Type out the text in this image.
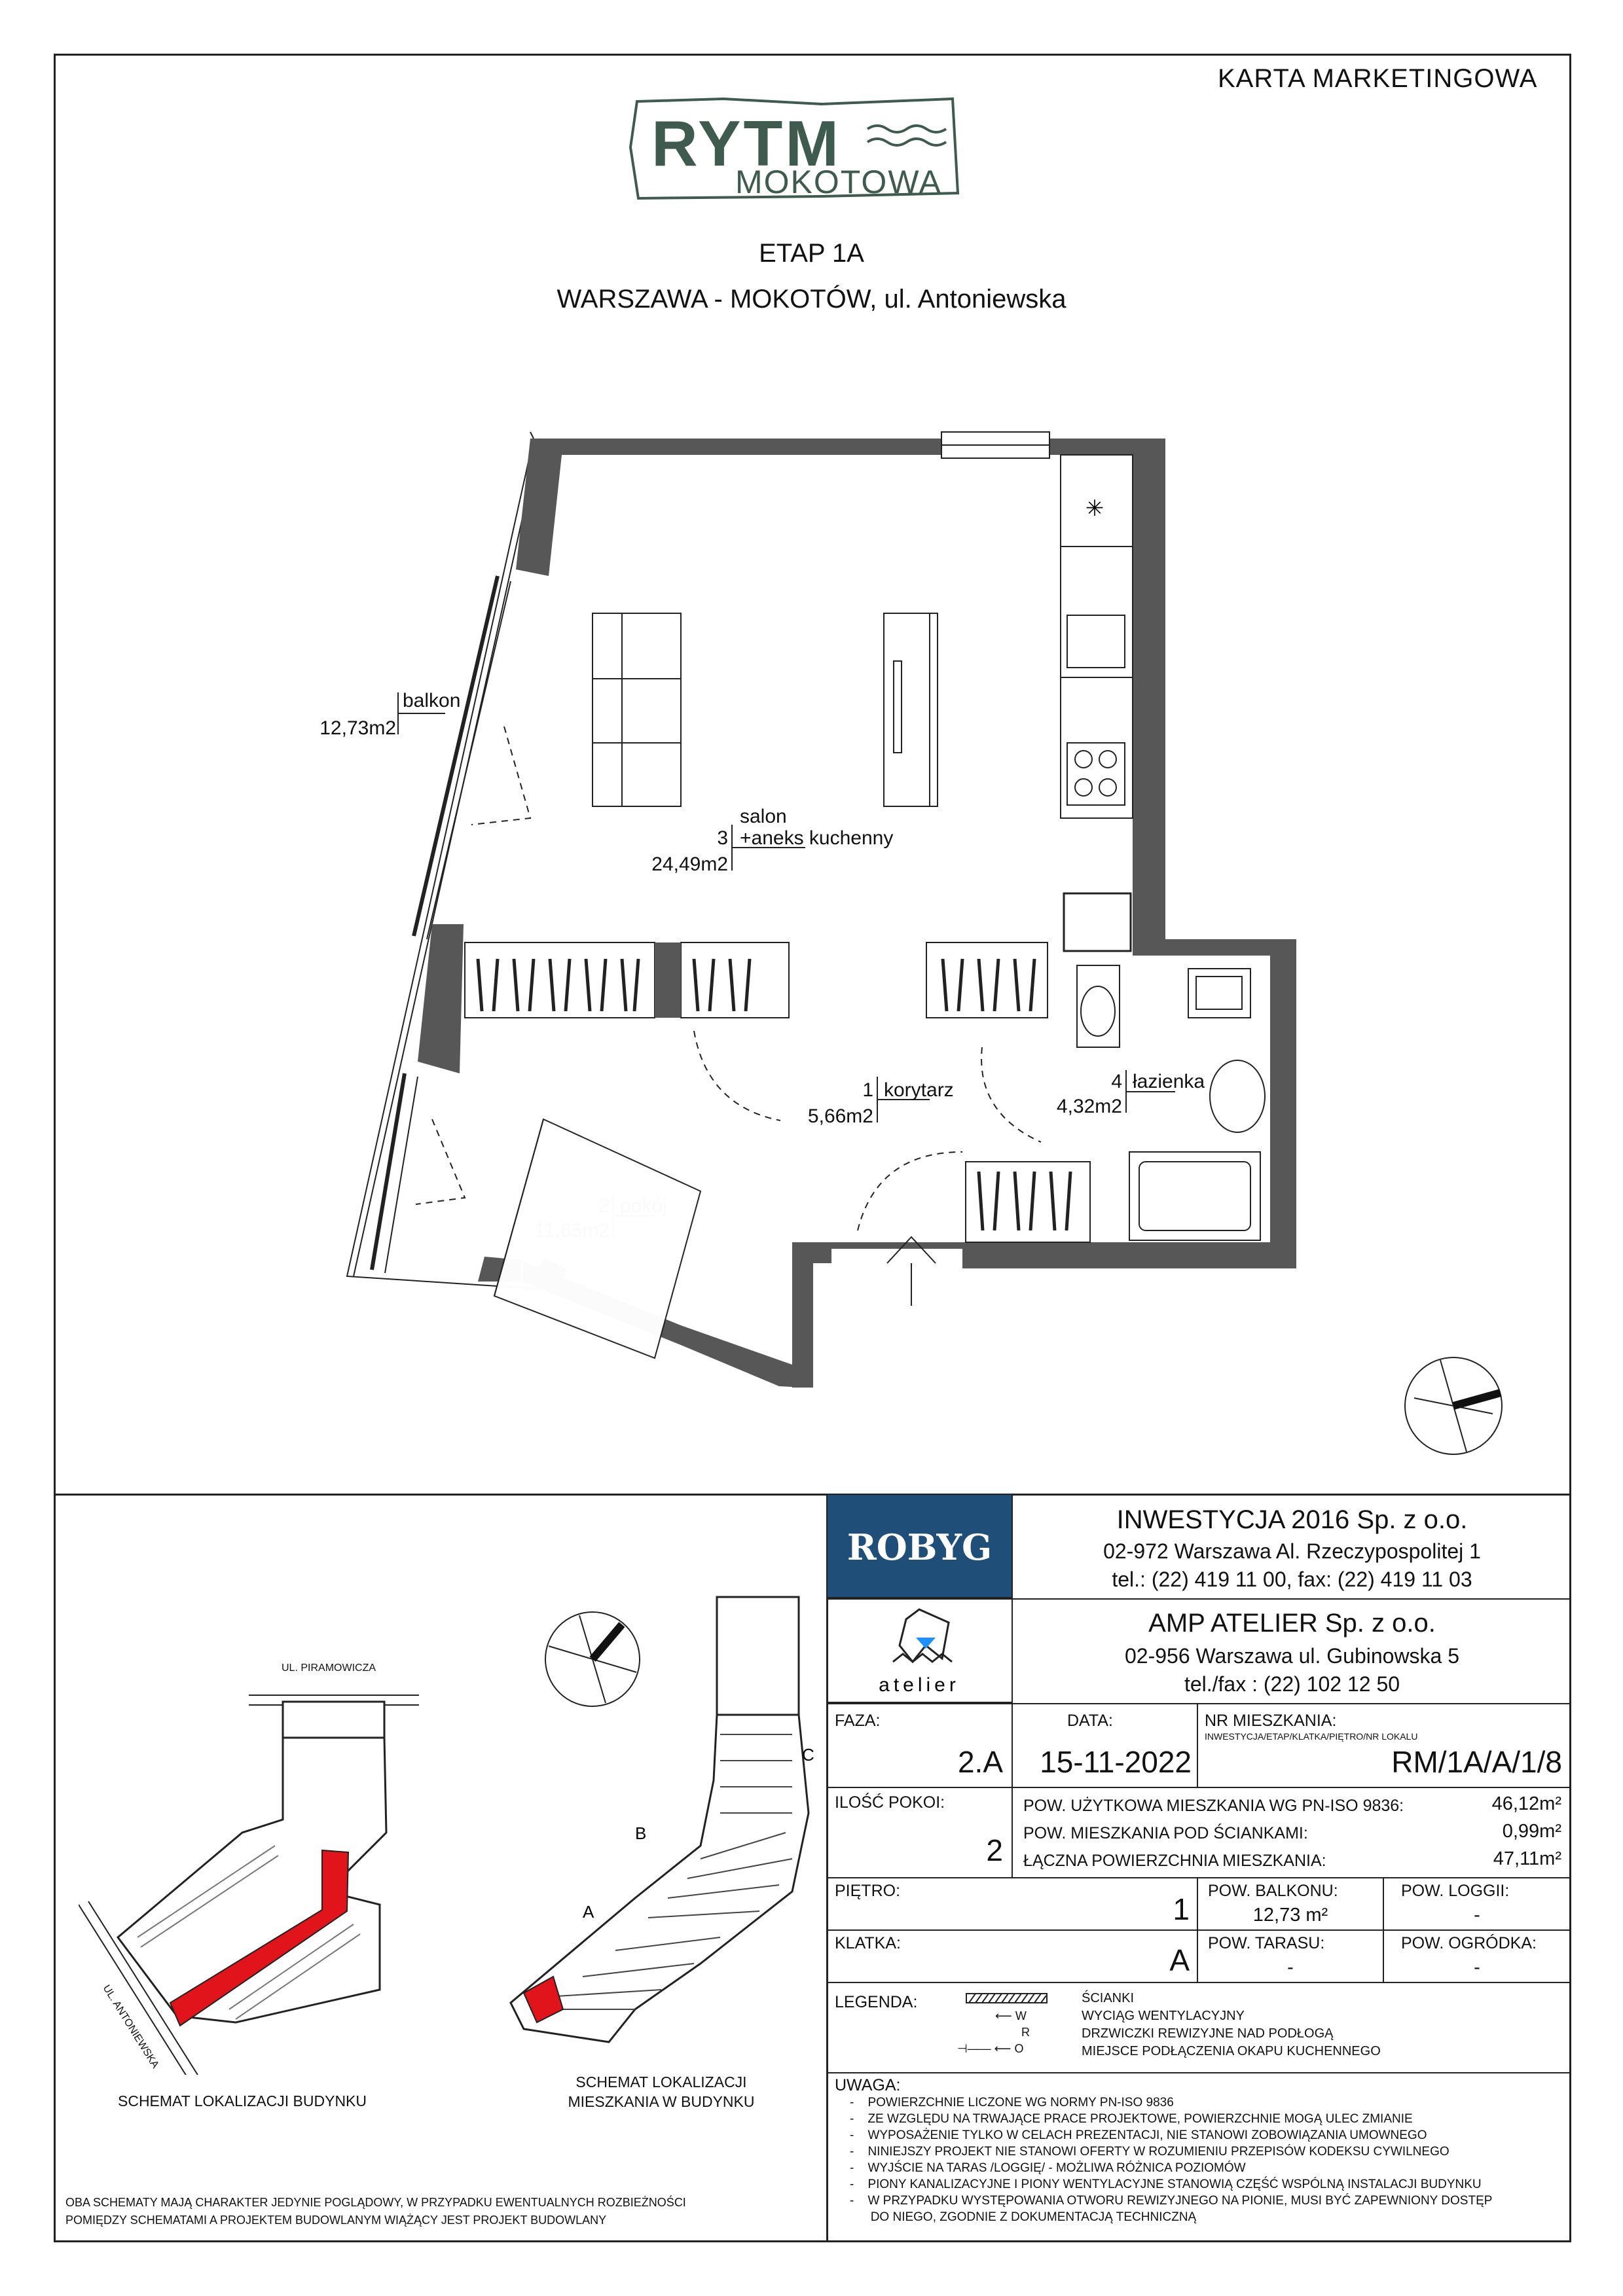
KARTA MARKETINGOWA
RYTM
MOKOTOWA
ETAP 1A
WARSZAWA - MOKOTÓW, ul. Antoniewska
✳
balkon
12,73m2
salon
+aneks kuchenny
3
24,49m2
korytarz
1
5,66m2
łazienka
4
4,32m2
UL. PIRAMOWICZA
UL. ANTONIEWSKA
SCHEMAT LOKALIZACJI BUDYNKU
B
A
C
SCHEMAT LOKALIZACJI
MIESZKANIA W BUDYNKU
OBA SCHEMATY MAJĄ CHARAKTER JEDYNIE POGLĄDOWY, W PRZYPADKU EWENTUALNYCH ROZBIEŻNOŚCI
POMIĘDZY SCHEMATAMI A PROJEKTEM BUDOWLANYM WIĄŻĄCY JEST PROJEKT BUDOWLANY
ROBYG
INWESTYCJA 2016 Sp. z o.o.
02-972 Warszawa Al. Rzeczypospolitej 1
tel.: (22) 419 11 00, fax: (22) 419 11 03
atelier
AMP ATELIER Sp. z o.o.
02-956 Warszawa ul. Gubinowska 5
tel./fax : (22) 102 12 50
FAZA:
2.A
DATA:
15-11-2022
NR MIESZKANIA:
INWESTYCJA/ETAP/KLATKA/PIĘTRO/NR LOKALU
RM/1A/A/1/8
ILOŚĆ POKOI:
2
POW. UŻYTKOWA MIESZKANIA WG PN-ISO 9836:	46,12m²
POW. MIESZKANIA POD ŚCIANKAMI:	0,99m²
ŁĄCZNA POWIERZCHNIA MIESZKANIA:	47,11m²
PIĘTRO:
1
POW. BALKONU:
12,73 m²
POW. LOGGII:
-
KLATKA:	A POW. TARASU:
-
POW. OGRÓDKA:
-
LEGENDA:
⟵ W
R
⊣—— ⟵ O
ŚCIANKI
WYCIĄG WENTYLACYJNY
DRZWICZKI REWIZYJNE NAD PODŁOGĄ
MIEJSCE PODŁĄCZENIA OKAPU KUCHENNEGO
UWAGA:
-    POWIERZCHNIE LICZONE WG NORMY PN-ISO 9836
-    ZE WZGLĘDU NA TRWAJĄCE PRACE PROJEKTOWE, POWIERZCHNIE MOGĄ ULEC ZMIANIE
-    WYPOSAŻENIE TYLKO W CELACH PREZENTACJI, NIE STANOWI ZOBOWIĄZANIA UMOWNEGO
-    NINIEJSZY PROJEKT NIE STANOWI OFERTY W ROZUMIENIU PRZEPISÓW KODEKSU CYWILNEGO
-    WYJŚCIE NA TARAS /LOGGIĘ/ - MOŻLIWA RÓŻNICA POZIOMÓW
-    PIONY KANALIZACYJNE I PIONY WENTYLACYJNE STANOWIĄ CZĘŚĆ WSPÓLNĄ INSTALACJI BUDYNKU
-    W PRZYPADKU WYSTĘPOWANIA OTWORU REWIZYJNEGO NA PIONIE, MUSI BYĆ ZAPEWNIONY DOSTĘP
DO NIEGO, ZGODNIE Z DOKUMENTACJĄ TECHNICZNĄ
